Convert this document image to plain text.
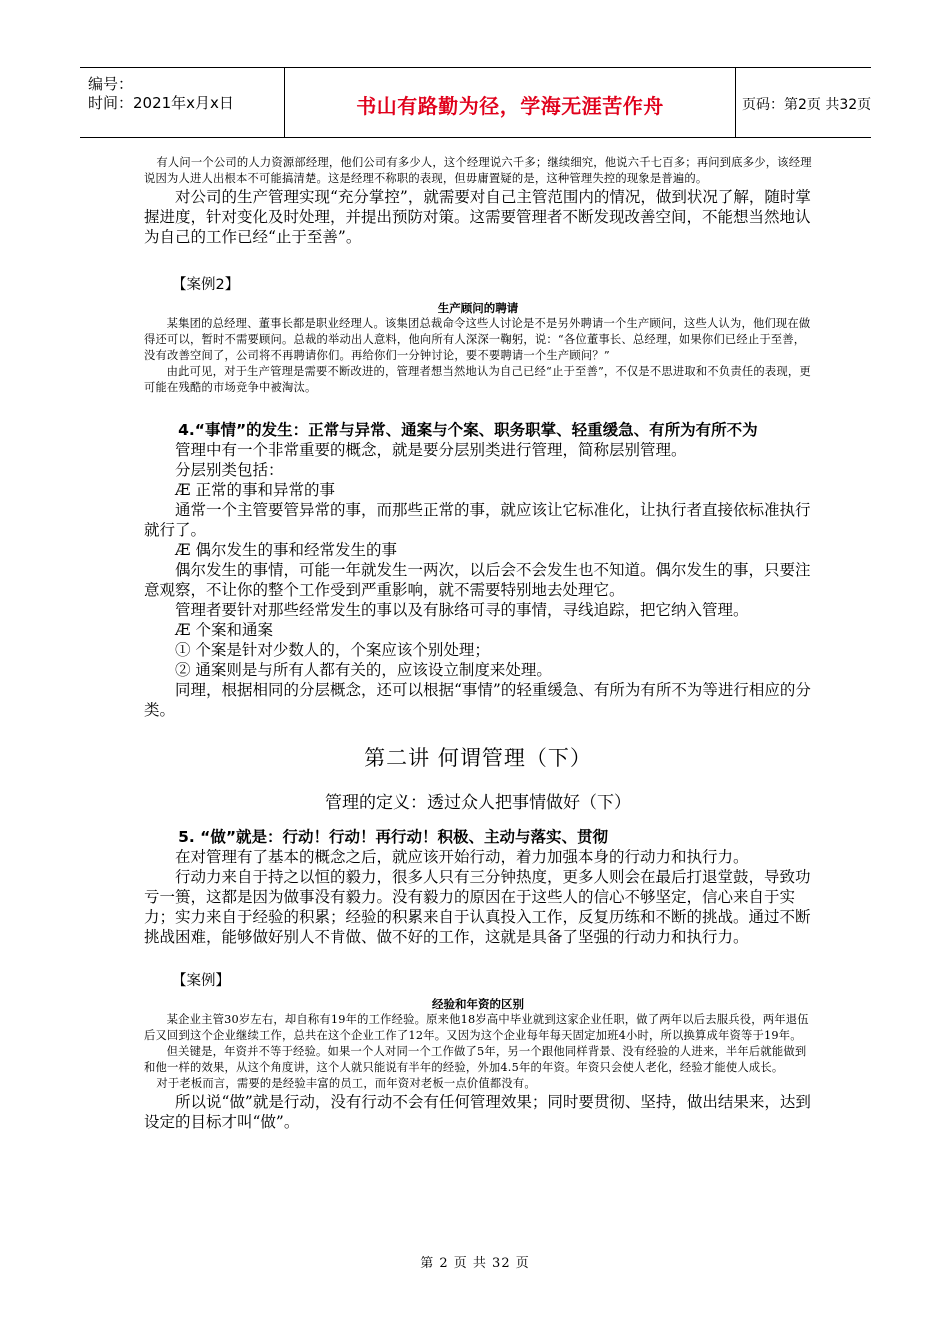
编号：
时间：2021年x月x日	书山有路勤为径，学海无涯苦作舟	页码：第2页 共32页

有人问一个公司的人力资源部经理，他们公司有多少人，这个经理说六千多；继续细究，他说六千七百多；再问到底多少，该经理说因为人进人出根本不可能搞清楚。这是经理不称职的表现，但毋庸置疑的是，这种管理失控的现象是普遍的。

对公司的生产管理实现“充分掌控”，就需要对自己主管范围内的情况，做到状况了解，随时掌握进度，针对变化及时处理，并提出预防对策。这需要管理者不断发现改善空间，不能想当然地认为自己的工作已经“止于至善”。

【案例2】

生产顾问的聘请

某集团的总经理、董事长都是职业经理人。该集团总裁命令这些人讨论是不是另外聘请一个生产顾问，这些人认为，他们现在做得还可以，暂时不需要顾问。总裁的举动出人意料，他向所有人深深一鞠躬，说：“各位董事长、总经理，如果你们已经止于至善，没有改善空间了，公司将不再聘请你们。再给你们一分钟讨论，要不要聘请一个生产顾问？”

由此可见，对于生产管理是需要不断改进的，管理者想当然地认为自己已经“止于至善”，不仅是不思进取和不负责任的表现，更可能在残酷的市场竞争中被淘汰。

4.“事情”的发生：正常与异常、通案与个案、职务职掌、轻重缓急、有所为有所不为

管理中有一个非常重要的概念，就是要分层别类进行管理，简称层别管理。

分层别类包括：

Æ 正常的事和异常的事

通常一个主管要管异常的事，而那些正常的事，就应该让它标准化，让执行者直接依标准执行就行了。

Æ 偶尔发生的事和经常发生的事

偶尔发生的事情，可能一年就发生一两次，以后会不会发生也不知道。偶尔发生的事，只要注意观察，不让你的整个工作受到严重影响，就不需要特别地去处理它。

管理者要针对那些经常发生的事以及有脉络可寻的事情，寻线追踪，把它纳入管理。

Æ 个案和通案

① 个案是针对少数人的，个案应该个别处理；

② 通案则是与所有人都有关的，应该设立制度来处理。

同理，根据相同的分层概念，还可以根据“事情”的轻重缓急、有所为有所不为等进行相应的分类。

第二讲 何谓管理（下）

管理的定义：透过众人把事情做好（下）

5. “做”就是：行动！行动！再行动！积极、主动与落实、贯彻

在对管理有了基本的概念之后，就应该开始行动，着力加强本身的行动力和执行力。

行动力来自于持之以恒的毅力，很多人只有三分钟热度，更多人则会在最后打退堂鼓，导致功亏一篑，这都是因为做事没有毅力。没有毅力的原因在于这些人的信心不够坚定，信心来自于实力；实力来自于经验的积累；经验的积累来自于认真投入工作，反复历练和不断的挑战。通过不断挑战困难，能够做好别人不肯做、做不好的工作，这就是具备了坚强的行动力和执行力。

【案例】

经验和年资的区别

某企业主管30岁左右，却自称有19年的工作经验。原来他18岁高中毕业就到这家企业任职，做了两年以后去服兵役，两年退伍后又回到这个企业继续工作，总共在这个企业工作了12年。又因为这个企业每年每天固定加班4小时，所以换算成年资等于19年。

但关键是，年资并不等于经验。如果一个人对同一个工作做了5年，另一个跟他同样背景、没有经验的人进来，半年后就能做到和他一样的效果，从这个角度讲，这个人就只能说有半年的经验，外加4.5年的年资。年资只会使人老化，经验才能使人成长。

对于老板而言，需要的是经验丰富的员工，而年资对老板一点价值都没有。

所以说“做”就是行动，没有行动不会有任何管理效果；同时要贯彻、坚持，做出结果来，达到设定的目标才叫“做”。

第 2 页 共 32 页
